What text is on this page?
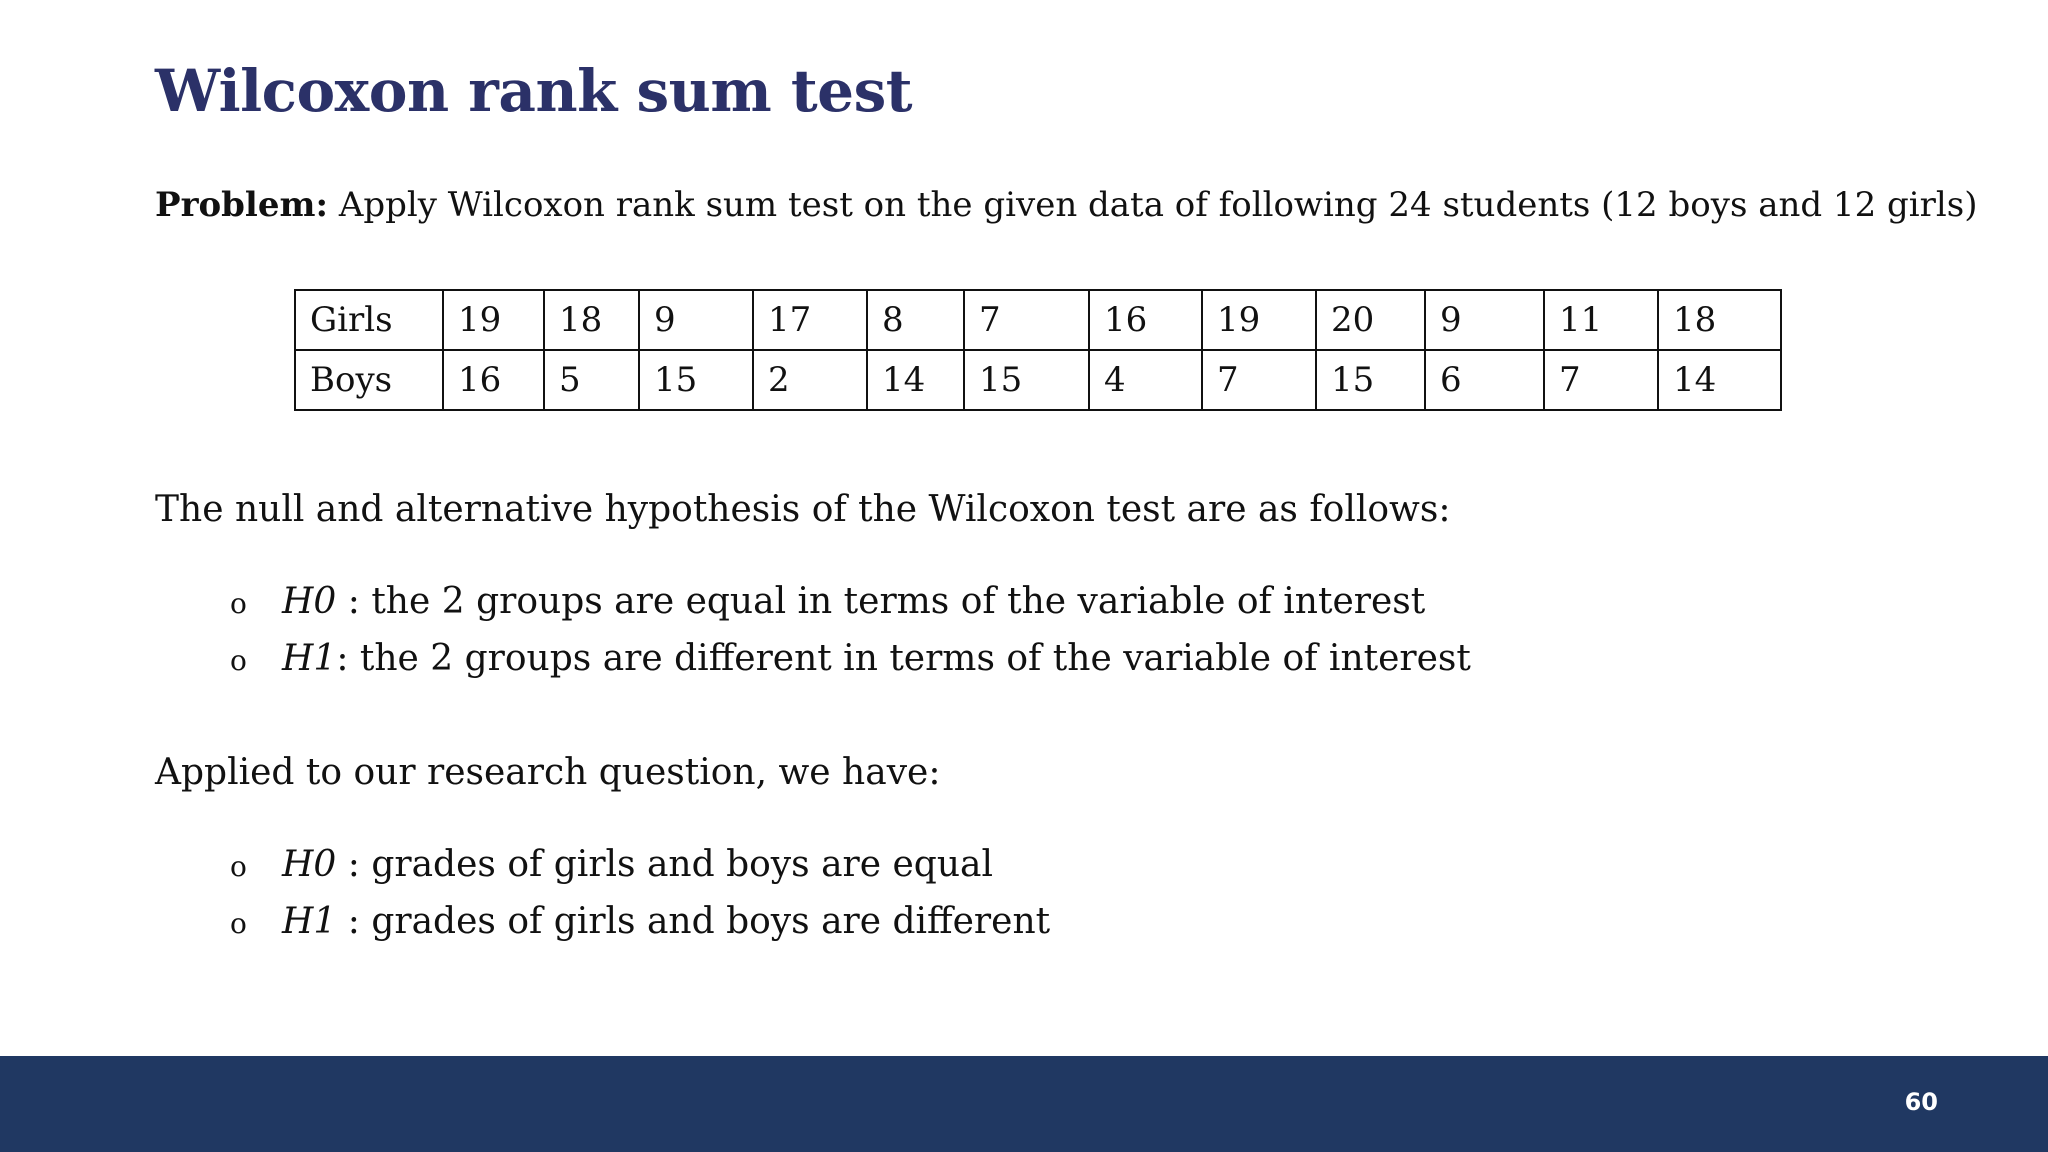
Wilcoxon rank sum test

Problem: Apply Wilcoxon rank sum test on the given data of following 24 students (12 boys and 12 girls)

Girls	19	18	9	17	8	7	16	19	20	9	11	18
Boys	16	5	15	2	14	15	4	7	15	6	7	14

The null and alternative hypothesis of the Wilcoxon test are as follows:

o H0 : the 2 groups are equal in terms of the variable of interest

o H1: the 2 groups are different in terms of the variable of interest

Applied to our research question, we have:

o H0 : grades of girls and boys are equal

o H1 : grades of girls and boys are different

60
